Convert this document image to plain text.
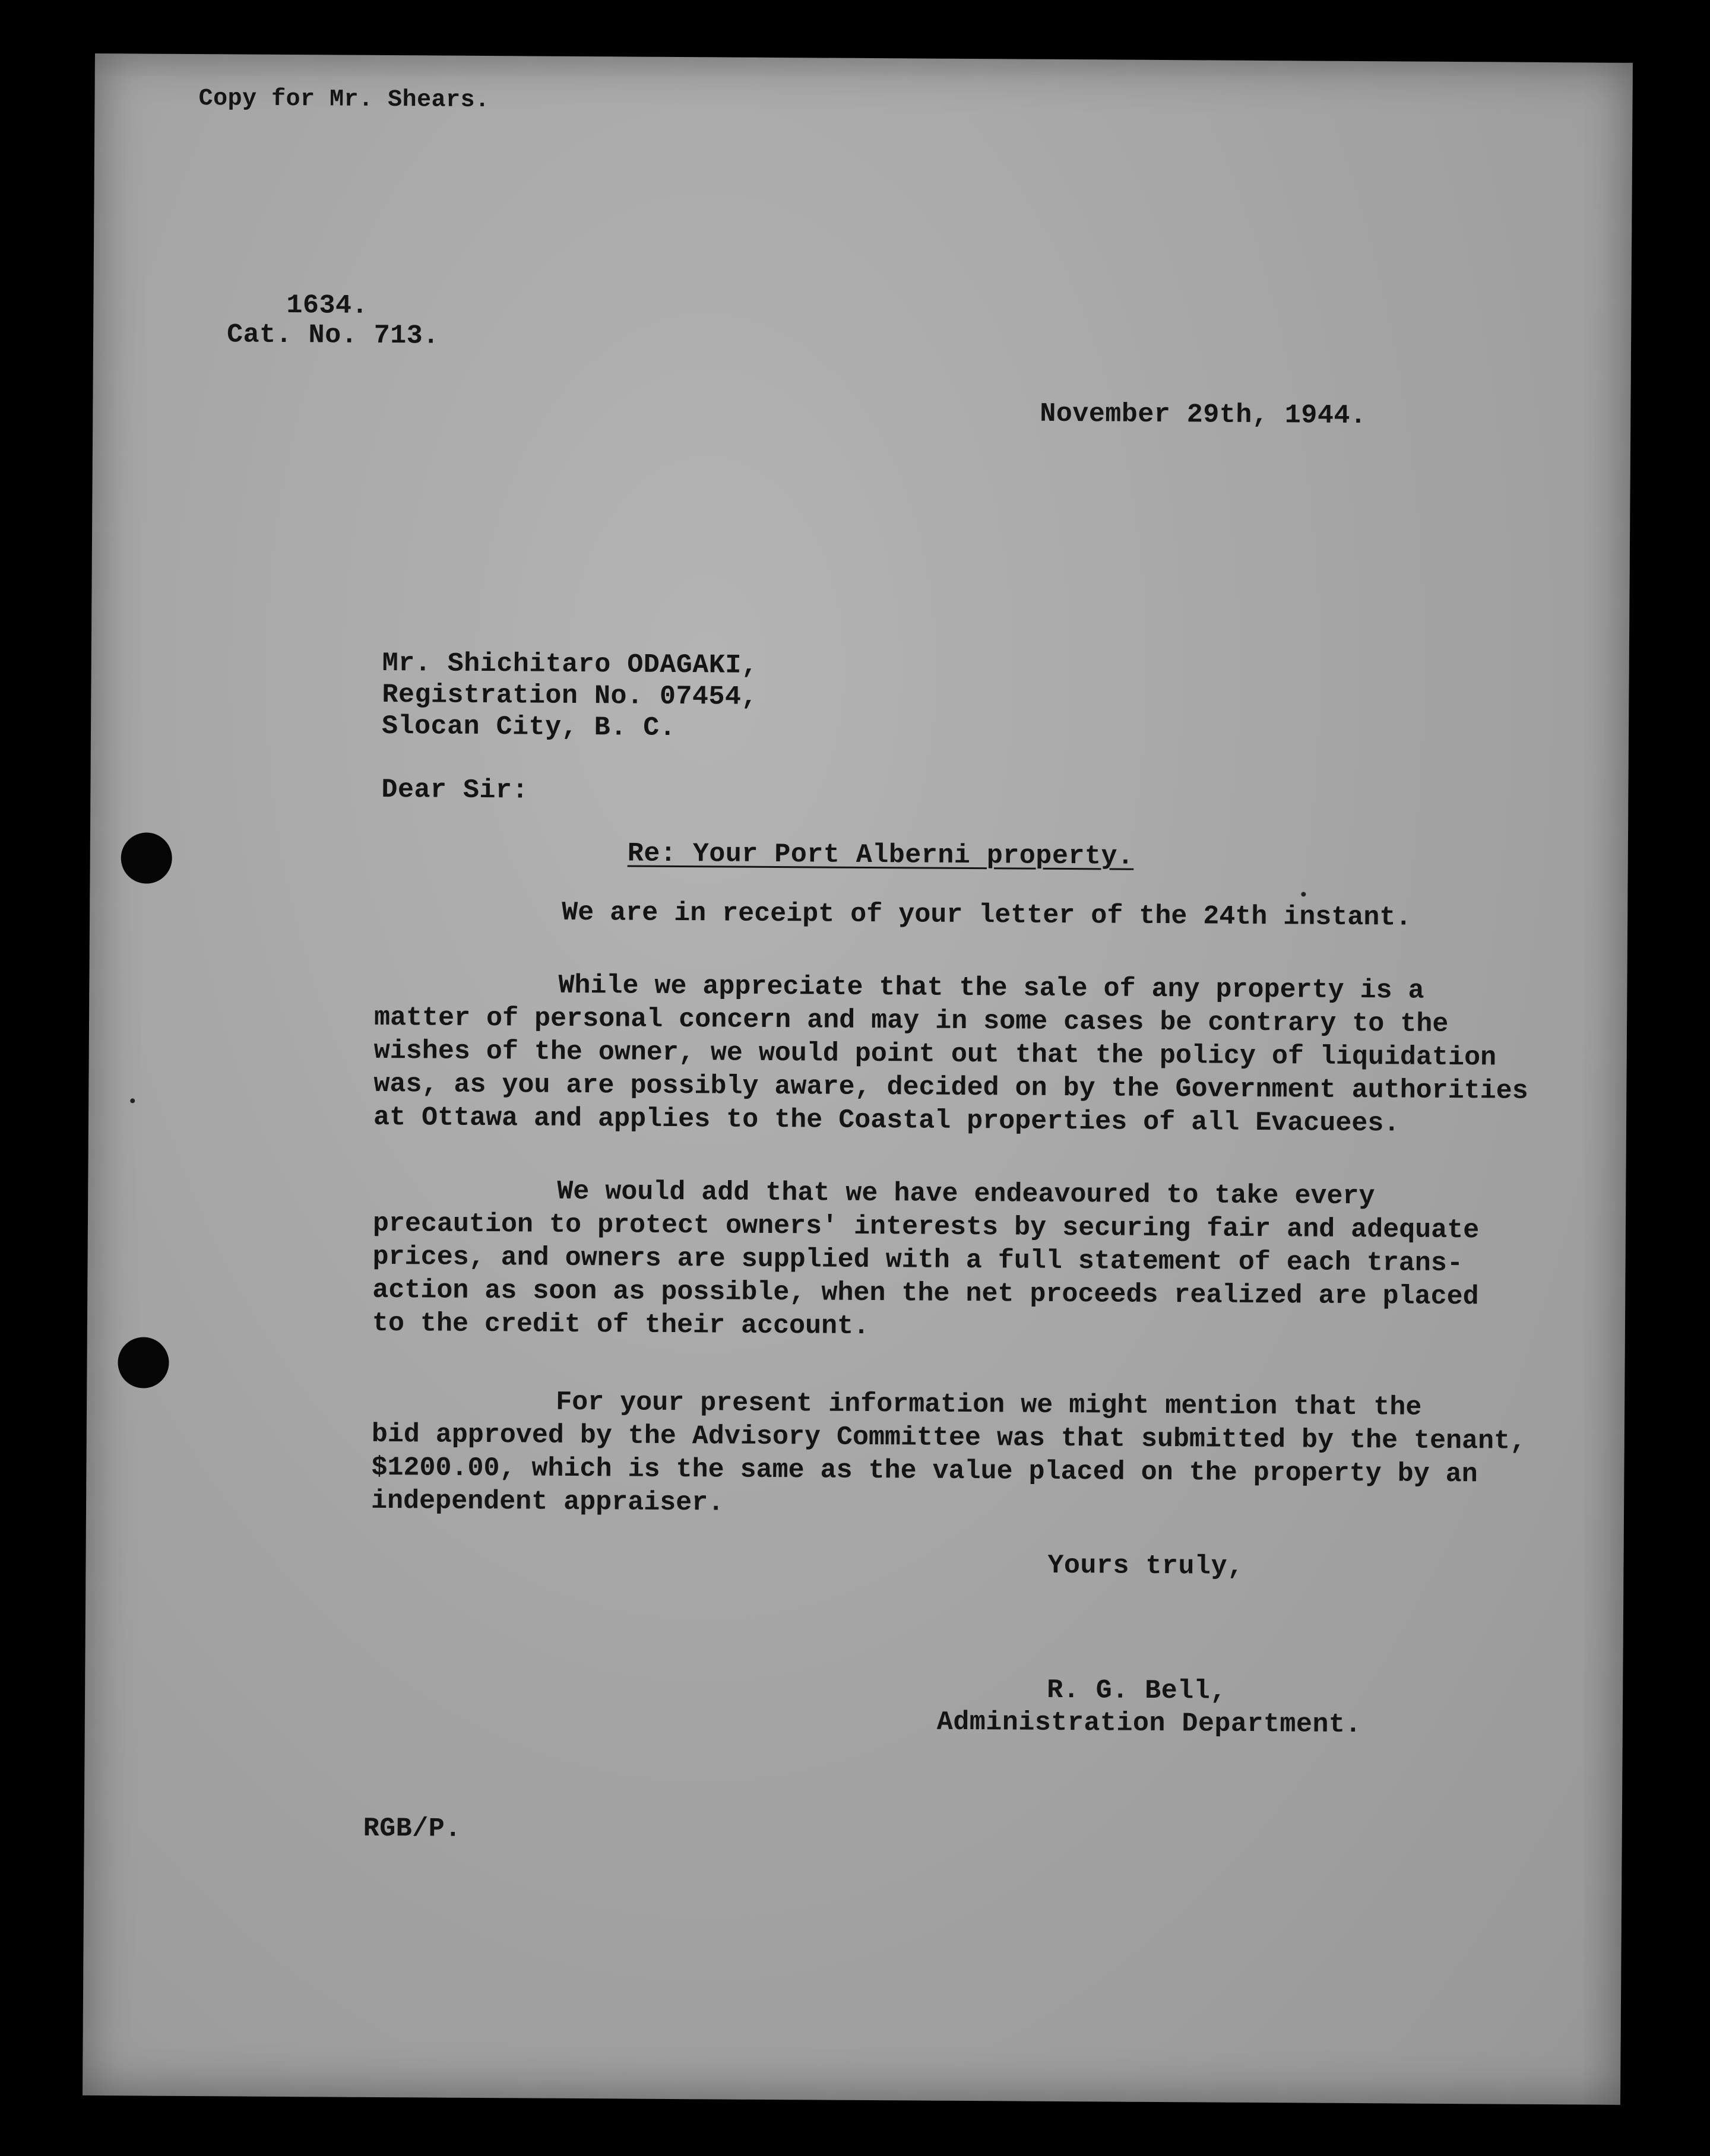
Copy for Mr. Shears.
1634.
Cat. No. 713.
November 29th, 1944.
Mr. Shichitaro ODAGAKI,
Registration No. 07454,
Slocan City, B. C.
Dear Sir:
Re: Your Port Alberni property.
We are in receipt of your letter of the 24th instant.
While we appreciate that the sale of any property is a
matter of personal concern and may in some cases be contrary to the
wishes of the owner, we would point out that the policy of liquidation
was, as you are possibly aware, decided on by the Government authorities
at Ottawa and applies to the Coastal properties of all Evacuees.
We would add that we have endeavoured to take every
precaution to protect owners' interests by securing fair and adequate
prices, and owners are supplied with a full statement of each trans-
action as soon as possible, when the net proceeds realized are placed
to the credit of their account.
For your present information we might mention that the
bid approved by the Advisory Committee was that submitted by the tenant,
$1200.00, which is the same as the value placed on the property by an
independent appraiser.
Yours truly,
R. G. Bell,
Administration Department.
RGB/P.
